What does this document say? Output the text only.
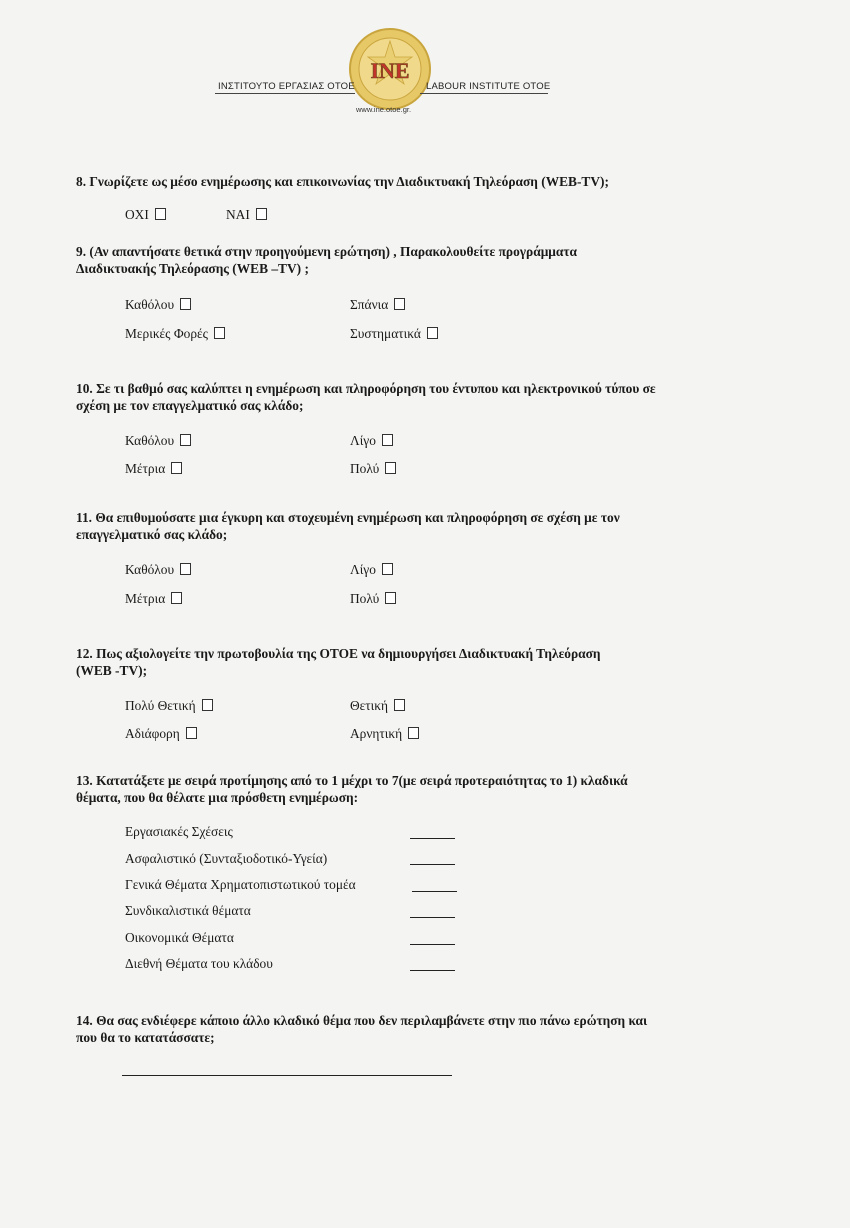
INE
ΙΝΣΤΙΤΟΥΤΟ ΕΡΓΑΣΙΑΣ ΟΤΟΕ	LABOUR INSTITUTE OTOE
www.ine.otoe.gr.
8. Γνωρίζετε ως μέσο ενημέρωσης και επικοινωνίας την Διαδικτυακή Τηλεόραση (WEB-TV);
ΟΧΙ	ΝΑΙ
9. (Αν απαντήσατε θετικά στην προηγούμενη ερώτηση) , Παρακολουθείτε προγράμματα
Διαδικτυακής Τηλεόρασης (WEB –TV) ;
Καθόλου	Σπάνια
Μερικές Φορές	Συστηματικά
10. Σε τι βαθμό σας καλύπτει η ενημέρωση και πληροφόρηση του έντυπου και ηλεκτρονικού τύπου σε
σχέση με τον επαγγελματικό σας κλάδο;
Καθόλου	Λίγο
Μέτρια	Πολύ
11. Θα επιθυμούσατε μια έγκυρη και στοχευμένη ενημέρωση και πληροφόρηση σε σχέση με τον
επαγγελματικό σας κλάδο;
Καθόλου	Λίγο
Μέτρια	Πολύ
12. Πως αξιολογείτε την πρωτοβουλία της ΟΤΟΕ να δημιουργήσει Διαδικτυακή Τηλεόραση
(WEB -TV);
Πολύ Θετική	Θετική
Αδιάφορη	Αρνητική
13. Κατατάξετε με σειρά προτίμησης από το 1 μέχρι το 7(με σειρά προτεραιότητας το 1) κλαδικά
θέματα, που θα θέλατε μια πρόσθετη ενημέρωση:
Εργασιακές Σχέσεις
Ασφαλιστικό (Συνταξιοδοτικό-Υγεία)
Γενικά Θέματα Χρηματοπιστωτικού τομέα
Συνδικαλιστικά θέματα
Οικονομικά Θέματα
Διεθνή Θέματα του κλάδου
14. Θα σας ενδιέφερε κάποιο άλλο κλαδικό θέμα που δεν περιλαμβάνετε στην πιο πάνω ερώτηση και
που θα το κατατάσσατε;
